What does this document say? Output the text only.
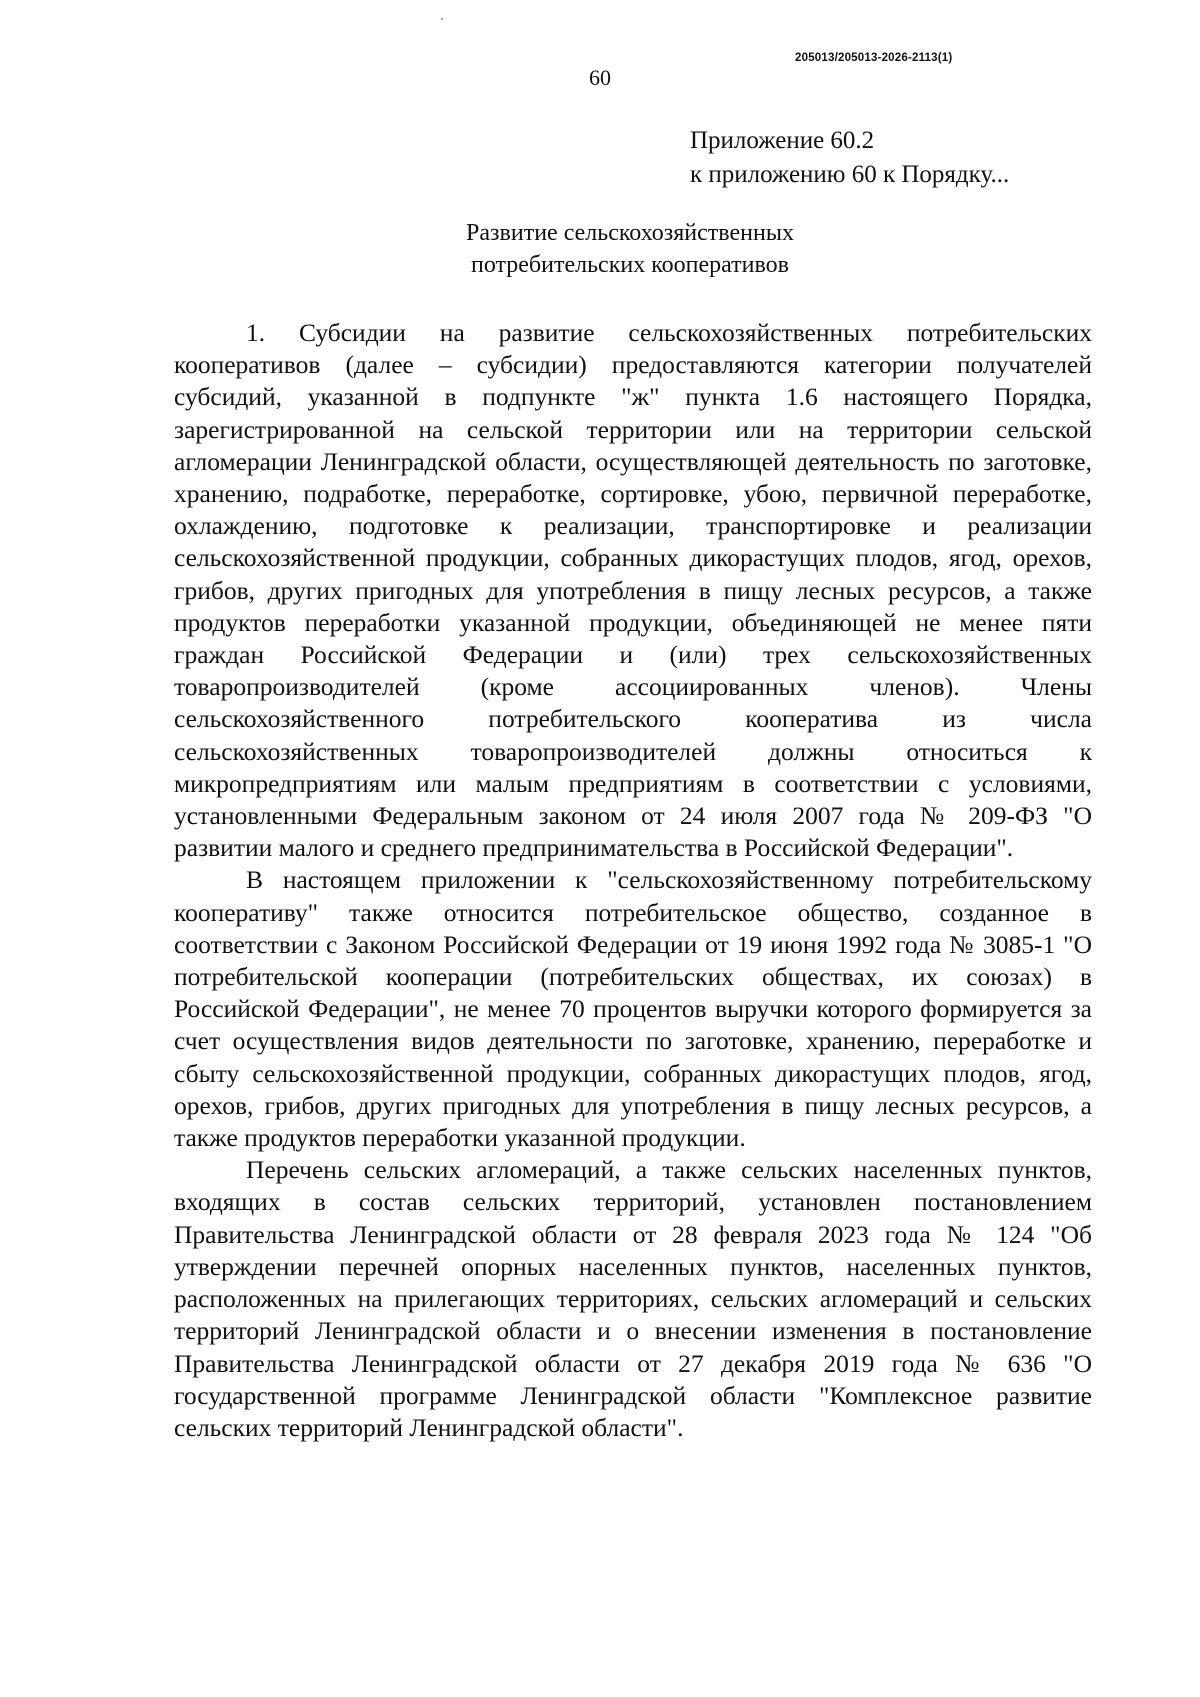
205013/205013-2026-2113(1)
60
Приложение 60.2
к приложению 60 к Порядку...
Развитие сельскохозяйственных
потребительских кооперативов

1. Субсидии на развитие сельскохозяйственных потребительских кооперативов (далее – субсидии) предоставляются категории получателей субсидий, указанной в подпункте "ж" пункта 1.6 настоящего Порядка, зарегистрированной на сельской территории или на территории сельской агломерации Ленинградской области, осуществляющей деятельность по заготовке, хранению, подработке, переработке, сортировке, убою, первичной переработке, охлаждению, подготовке к реализации, транспортировке и реализации сельскохозяйственной продукции, собранных дикорастущих плодов, ягод, орехов, грибов, других пригодных для употребления в пищу лесных ресурсов, а также продуктов переработки указанной продукции, объединяющей не менее пяти граждан Российской Федерации и (или) трех сельскохозяйственных товаропроизводителей (кроме ассоциированных членов). Члены сельскохозяйственного потребительского кооператива из числа сельскохозяйственных товаропроизводителей должны относиться к микропредприятиям или малым предприятиям в соответствии с условиями, установленными Федеральным законом от 24 июля 2007 года № 209-ФЗ "О развитии малого и среднего предпринимательства в Российской Федерации".

В настоящем приложении к "сельскохозяйственному потребительскому кооперативу" также относится потребительское общество, созданное в соответствии с Законом Российской Федерации от 19 июня 1992 года № 3085-1 "О потребительской кооперации (потребительских обществах, их союзах) в Российской Федерации", не менее 70 процентов выручки которого формируется за счет осуществления видов деятельности по заготовке, хранению, переработке и сбыту сельскохозяйственной продукции, собранных дикорастущих плодов, ягод, орехов, грибов, других пригодных для употребления в пищу лесных ресурсов, а также продуктов переработки указанной продукции.

Перечень сельских агломераций, а также сельских населенных пунктов, входящих в состав сельских территорий, установлен постановлением Правительства Ленинградской области от 28 февраля 2023 года № 124 "Об утверждении перечней опорных населенных пунктов, населенных пунктов, расположенных на прилегающих территориях, сельских агломераций и сельских территорий Ленинградской области и о внесении изменения в постановление Правительства Ленинградской области от 27 декабря 2019 года № 636 "О государственной программе Ленинградской области "Комплексное развитие сельских территорий Ленинградской области".
